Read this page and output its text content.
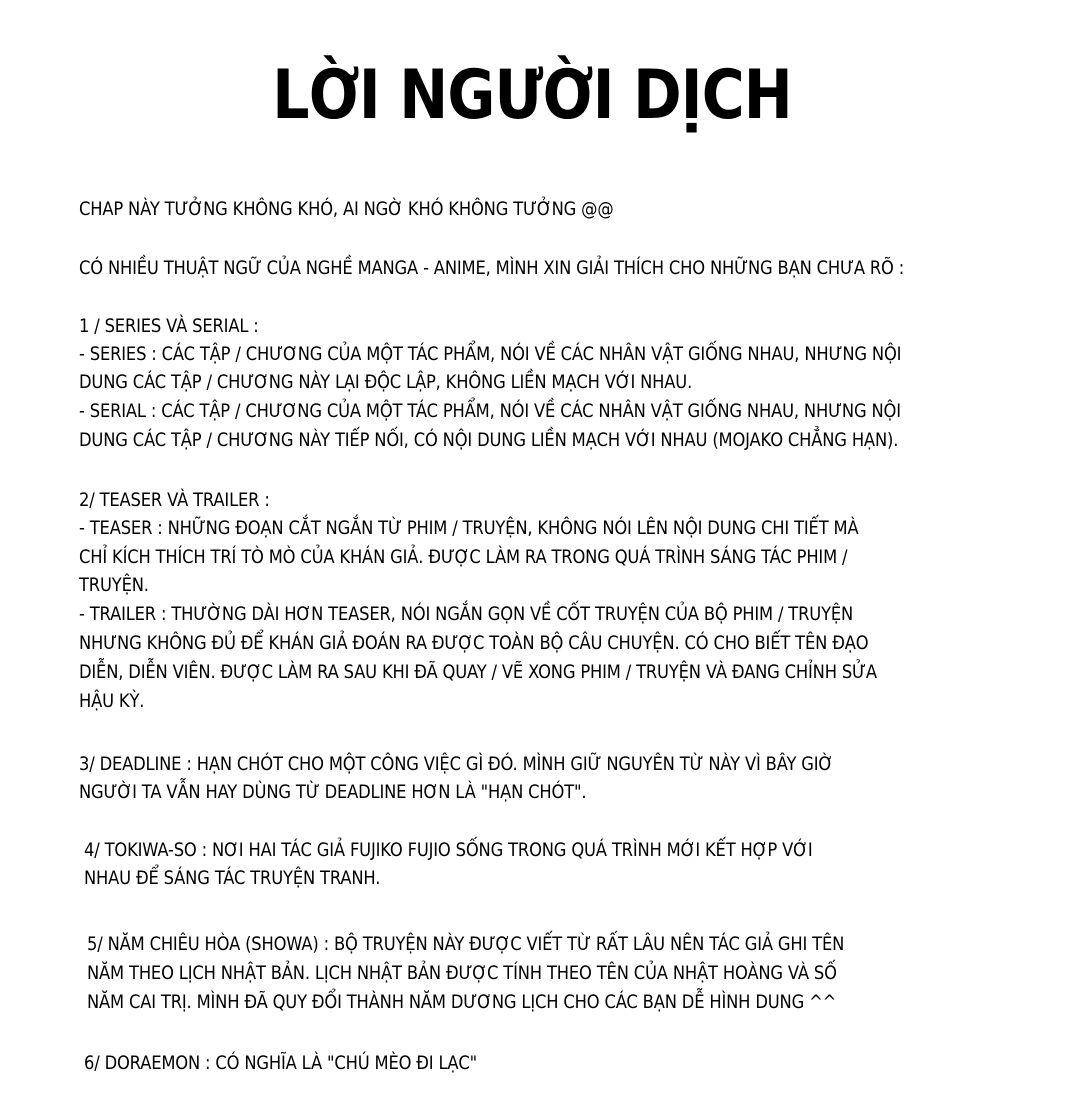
LỜI NGƯỜI DỊCH
CHAP NÀY TƯỞNG KHÔNG KHÓ, AI NGỜ KHÓ KHÔNG TƯỞNG @@
CÓ NHIỀU THUẬT NGỮ CỦA NGHỀ MANGA - ANIME, MÌNH XIN GIẢI THÍCH CHO NHỮNG BẠN CHƯA RÕ :
1 / SERIES VÀ SERIAL :
- SERIES : CÁC TẬP / CHƯƠNG CỦA MỘT TÁC PHẨM, NÓI VỀ CÁC NHÂN VẬT GIỐNG NHAU, NHƯNG NỘI
DUNG CÁC TẬP / CHƯƠNG NÀY LẠI ĐỘC LẬP, KHÔNG LIỀN MẠCH VỚI NHAU.
- SERIAL : CÁC TẬP / CHƯƠNG CỦA MỘT TÁC PHẨM, NÓI VỀ CÁC NHÂN VẬT GIỐNG NHAU, NHƯNG NỘI
DUNG CÁC TẬP / CHƯƠNG NÀY TIẾP NỐI, CÓ NỘI DUNG LIỀN MẠCH VỚI NHAU (MOJAKO CHẲNG HẠN).
2/ TEASER VÀ TRAILER :
- TEASER : NHỮNG ĐOẠN CẮT NGẮN TỪ PHIM / TRUYỆN, KHÔNG NÓI LÊN NỘI DUNG CHI TIẾT MÀ
CHỈ KÍCH THÍCH TRÍ TÒ MÒ CỦA KHÁN GIẢ. ĐƯỢC LÀM RA TRONG QUÁ TRÌNH SÁNG TÁC PHIM /
TRUYỆN.
- TRAILER : THƯỜNG DÀI HƠN TEASER, NÓI NGẮN GỌN VỀ CỐT TRUYỆN CỦA BỘ PHIM / TRUYỆN
NHƯNG KHÔNG ĐỦ ĐỂ KHÁN GIẢ ĐOÁN RA ĐƯỢC TOÀN BỘ CÂU CHUYỆN. CÓ CHO BIẾT TÊN ĐẠO
DIỄN, DIỄN VIÊN. ĐƯỢC LÀM RA SAU KHI ĐÃ QUAY / VẼ XONG PHIM / TRUYỆN VÀ ĐANG CHỈNH SỬA
HẬU KỲ.
3/ DEADLINE : HẠN CHÓT CHO MỘT CÔNG VIỆC GÌ ĐÓ. MÌNH GIỮ NGUYÊN TỪ NÀY VÌ BÂY GIỜ
NGƯỜI TA VẪN HAY DÙNG TỪ DEADLINE HƠN LÀ "HẠN CHÓT".
4/ TOKIWA-SO : NƠI HAI TÁC GIẢ FUJIKO FUJIO SỐNG TRONG QUÁ TRÌNH MỚI KẾT HỢP VỚI
NHAU ĐỂ SÁNG TÁC TRUYỆN TRANH.
5/ NĂM CHIÊU HÒA (SHOWA) : BỘ TRUYỆN NÀY ĐƯỢC VIẾT TỪ RẤT LÂU NÊN TÁC GIẢ GHI TÊN
NĂM THEO LỊCH NHẬT BẢN. LỊCH NHẬT BẢN ĐƯỢC TÍNH THEO TÊN CỦA NHẬT HOÀNG VÀ SỐ
NĂM CAI TRỊ. MÌNH ĐÃ QUY ĐỔI THÀNH NĂM DƯƠNG LỊCH CHO CÁC BẠN DỄ HÌNH DUNG ^^
6/ DORAEMON : CÓ NGHĨA LÀ "CHÚ MÈO ĐI LẠC"
